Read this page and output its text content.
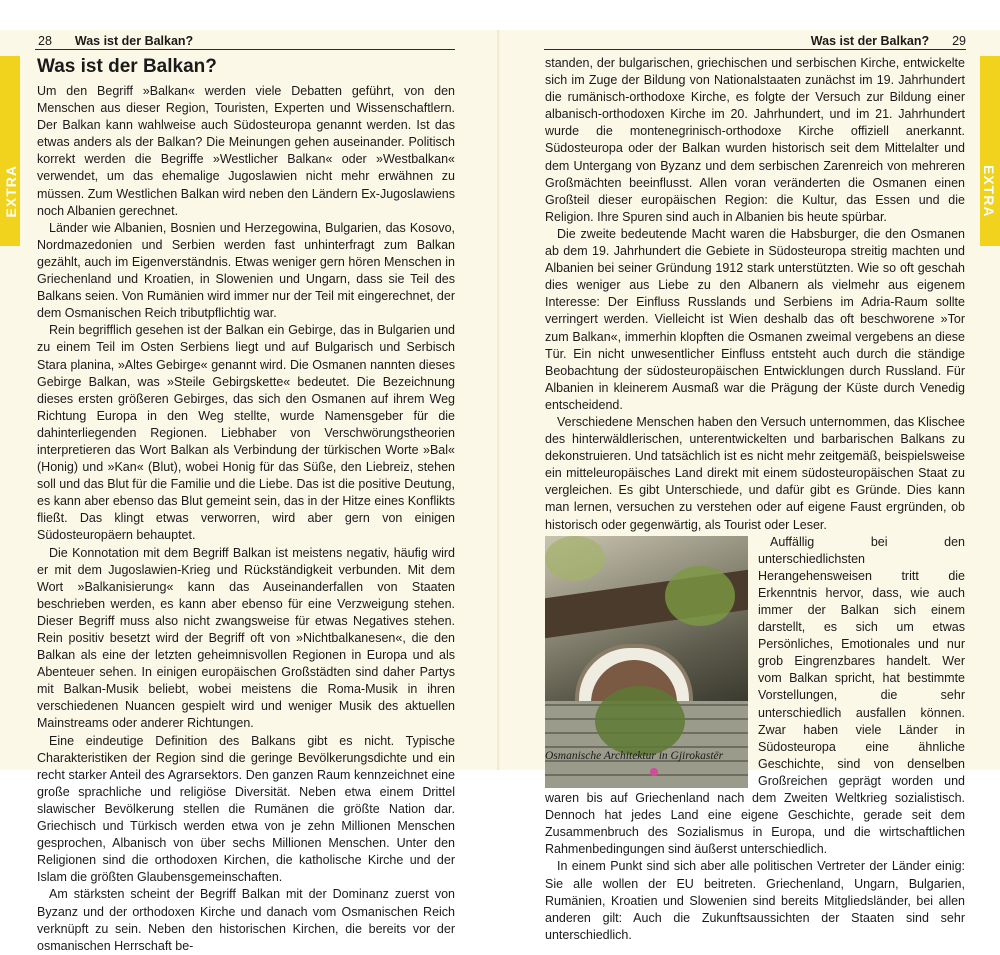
28 Was ist der Balkan?
EXTRA
Was ist der Balkan?

Um den Begriff »Balkan« werden viele Debatten geführt, von den Menschen aus dieser Region, Touristen, Experten und Wissenschaftlern. Der Balkan kann wahlweise auch Südosteuropa genannt werden. Ist das etwas anders als der Balkan? Die Meinungen gehen auseinander. Politisch korrekt werden die Begriffe »Westlicher Balkan« oder »Westbalkan« verwendet, um das ehemalige Jugoslawien nicht mehr erwähnen zu müssen. Zum Westlichen Balkan wird neben den Ländern Ex-Jugoslawiens noch Albanien gerechnet.

Länder wie Albanien, Bosnien und Herzegowina, Bulgarien, das Kosovo, Nordmazedonien und Serbien werden fast unhinterfragt zum Balkan gezählt, auch im Eigenverständnis. Etwas weniger gern hören Menschen in Griechenland und Kroatien, in Slowenien und Ungarn, dass sie Teil des Balkans seien. Von Rumänien wird immer nur der Teil mit eingerechnet, der dem Osmanischen Reich tributpflichtig war.

Rein begrifflich gesehen ist der Balkan ein Gebirge, das in Bulgarien und zu einem Teil im Osten Serbiens liegt und auf Bulgarisch und Serbisch Stara planina, »Altes Gebirge« genannt wird. Die Osmanen nannten dieses Gebirge Balkan, was »Steile Gebirgskette« bedeutet. Die Bezeichnung dieses ersten größeren Gebirges, das sich den Osmanen auf ihrem Weg Richtung Europa in den Weg stellte, wurde Namensgeber für die dahinterliegenden Regionen. Liebhaber von Verschwörungstheorien interpretieren das Wort Balkan als Verbindung der türkischen Worte »Bal« (Honig) und »Kan« (Blut), wobei Honig für das Süße, den Liebreiz, stehen soll und das Blut für die Familie und die Liebe. Das ist die positive Deutung, es kann aber ebenso das Blut gemeint sein, das in der Hitze eines Konflikts fließt. Das klingt etwas verworren, wird aber gern von einigen Südosteuropäern behauptet.

Die Konnotation mit dem Begriff Balkan ist meistens negativ, häufig wird er mit dem Jugoslawien-Krieg und Rückständigkeit verbunden. Mit dem Wort »Balkanisierung« kann das Auseinanderfallen von Staaten beschrieben werden, es kann aber ebenso für eine Verzweigung stehen. Dieser Begriff muss also nicht zwangsweise für etwas Negatives stehen. Rein positiv besetzt wird der Begriff oft von »Nichtbalkanesen«, die den Balkan als eine der letzten geheimnisvollen Regionen in Europa und als Abenteuer sehen. In einigen europäischen Großstädten sind daher Partys mit Balkan-Musik beliebt, wobei meistens die Roma-Musik in ihren verschiedenen Nuancen gespielt wird und weniger Musik des aktuellen Mainstreams oder anderer Richtungen.

Eine eindeutige Definition des Balkans gibt es nicht. Typische Charakteristiken der Region sind die geringe Bevölkerungsdichte und ein recht starker Anteil des Agrarsektors. Den ganzen Raum kennzeichnet eine große sprachliche und religiöse Diversität. Neben etwa einem Drittel slawischer Bevölkerung stellen die Rumänen die größte Nation dar. Griechisch und Türkisch werden etwa von je zehn Millionen Menschen gesprochen, Albanisch von über sechs Millionen Menschen. Unter den Religionen sind die orthodoxen Kirchen, die katholische Kirche und der Islam die größten Glaubensgemeinschaften.

Am stärksten scheint der Begriff Balkan mit der Dominanz zuerst von Byzanz und der orthodoxen Kirche und danach vom Osmanischen Reich verknüpft zu sein. Neben den historischen Kirchen, die bereits vor der osmanischen Herrschaft be-

Was ist der Balkan? 29
EXTRA

standen, der bulgarischen, griechischen und serbischen Kirche, entwickelte sich im Zuge der Bildung von Nationalstaaten zunächst im 19. Jahrhundert die rumänisch-orthodoxe Kirche, es folgte der Versuch zur Bildung einer albanisch-orthodoxen Kirche im 20. Jahrhundert, und im 21. Jahrhundert wurde die montenegrinisch-orthodoxe Kirche offiziell anerkannt. Südosteuropa oder der Balkan wurden historisch seit dem Mittelalter und dem Untergang von Byzanz und dem serbischen Zarenreich von mehreren Großmächten beeinflusst. Allen voran veränderten die Osmanen einen Großteil dieser europäischen Region: die Kultur, das Essen und die Religion. Ihre Spuren sind auch in Albanien bis heute spürbar.

Die zweite bedeutende Macht waren die Habsburger, die den Osmanen ab dem 19. Jahrhundert die Gebiete in Südosteuropa streitig machten und Albanien bei seiner Gründung 1912 stark unterstützten. Wie so oft geschah dies weniger aus Liebe zu den Albanern als vielmehr aus eigenem Interesse: Der Einfluss Russlands und Serbiens im Adria-Raum sollte verringert werden. Vielleicht ist Wien deshalb das oft beschworene »Tor zum Balkan«, immerhin klopften die Osmanen zweimal vergebens an diese Tür. Ein nicht unwesentlicher Einfluss entsteht auch durch die ständige Beobachtung der südosteuropäischen Entwicklungen durch Russland. Für Albanien in kleinerem Ausmaß war die Prägung der Küste durch Venedig entscheidend.

Verschiedene Menschen haben den Versuch unternommen, das Klischee des hinterwäldlerischen, unterentwickelten und barbarischen Balkans zu dekonstruieren. Und tatsächlich ist es nicht mehr zeitgemäß, beispielsweise ein mitteleuropäisches Land direkt mit einem südosteuropäischen Staat zu vergleichen. Es gibt Unterschiede, und dafür gibt es Gründe. Dies kann man lernen, versuchen zu verstehen oder auf eigene Faust ergründen, ob historisch oder gegenwärtig, als Tourist oder Leser.

Auffällig bei den unterschiedlichsten Herangehensweisen tritt die Erkenntnis hervor, dass, wie auch immer der Balkan sich einem darstellt, es sich um etwas Persönliches, Emotionales und nur grob Eingrenzbares handelt. Wer vom Balkan spricht, hat bestimmte Vorstellungen, die sehr unterschiedlich ausfallen können. Zwar haben viele Länder in Südosteuropa eine ähnliche Geschichte, sind von denselben Großreichen geprägt worden und waren bis auf Griechenland nach dem Zweiten Weltkrieg sozialistisch. Dennoch hat jedes Land eine eigene Geschichte, gerade seit dem Zusammenbruch des Sozialismus in Europa, und die wirtschaftlichen Rahmenbedingungen sind äußerst unterschiedlich.

In einem Punkt sind sich aber alle politischen Vertreter der Länder einig: Sie alle wollen der EU beitreten. Griechenland, Ungarn, Bulgarien, Rumänien, Kroatien und Slowenien sind bereits Mitgliedsländer, bei allen anderen gilt: Auch die Zukunftsaussichten der Staaten sind sehr unterschiedlich.

Osmanische Architektur in Gjirokastër
